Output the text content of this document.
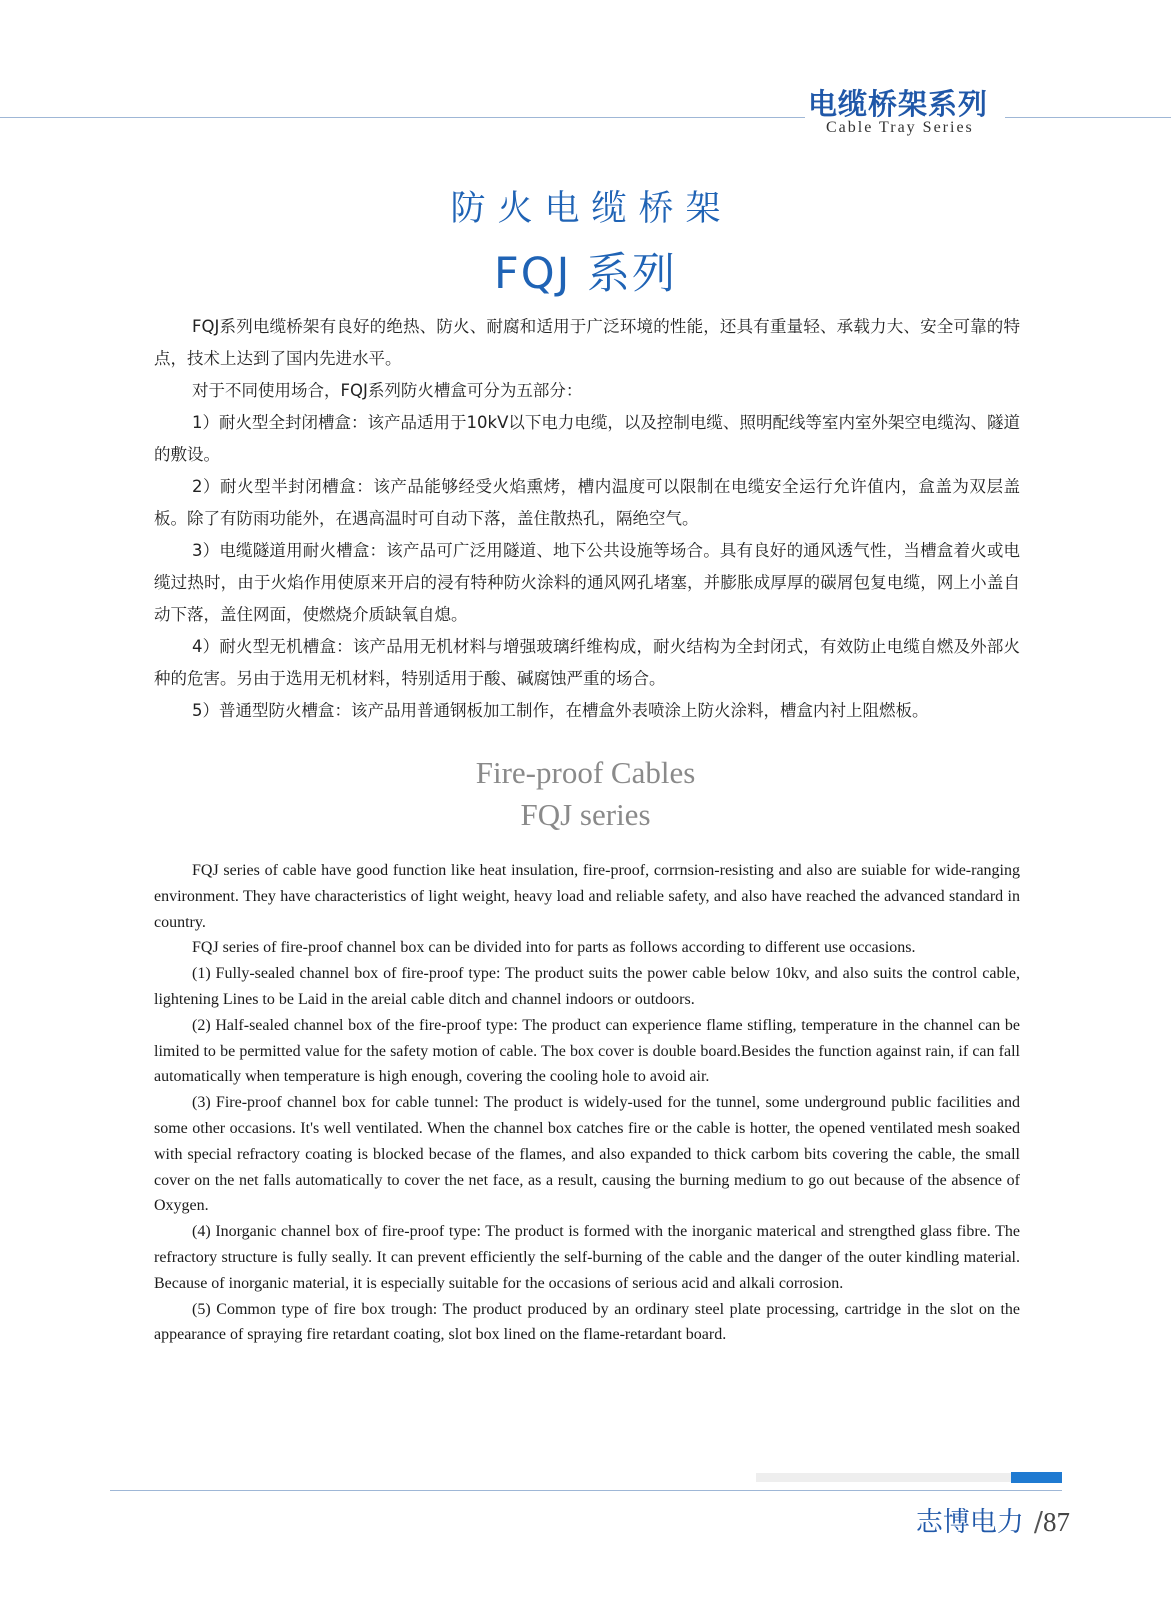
电缆桥架系列
Cable Tray Series
防火电缆桥架
FQJ 系列

FQJ系列电缆桥架有良好的绝热、防火、耐腐和适用于广泛环境的性能，还具有重量轻、承载力大、安全可靠的特点，技术上达到了国内先进水平。

对于不同使用场合，FQJ系列防火槽盒可分为五部分：

1）耐火型全封闭槽盒：该产品适用于10kV以下电力电缆，以及控制电缆、照明配线等室内室外架空电缆沟、隧道的敷设。

2）耐火型半封闭槽盒：该产品能够经受火焰熏烤，槽内温度可以限制在电缆安全运行允许值内，盒盖为双层盖板。除了有防雨功能外，在遇高温时可自动下落，盖住散热孔，隔绝空气。

3）电缆隧道用耐火槽盒：该产品可广泛用隧道、地下公共设施等场合。具有良好的通风透气性，当槽盒着火或电缆过热时，由于火焰作用使原来开启的浸有特种防火涂料的通风网孔堵塞，并膨胀成厚厚的碳屑包复电缆，网上小盖自动下落，盖住网面，使燃烧介质缺氧自熄。

4）耐火型无机槽盒：该产品用无机材料与增强玻璃纤维构成，耐火结构为全封闭式，有效防止电缆自燃及外部火种的危害。另由于选用无机材料，特别适用于酸、碱腐蚀严重的场合。

5）普通型防火槽盒：该产品用普通钢板加工制作，在槽盒外表喷涂上防火涂料，槽盒内衬上阻燃板。

Fire-proof Cables
FQJ series

FQJ series of cable have good function like heat insulation, fire-proof, corrnsion-resisting and also are suiable for wide-ranging environment. They have characteristics of light weight, heavy load and reliable safety, and also have reached the advanced standard in country.

FQJ series of fire-proof channel box can be divided into for parts as follows according to different use occasions.

(1) Fully-sealed channel box of fire-proof type: The product suits the power cable below 10kv, and also suits the control cable, lightening Lines to be Laid in the areial cable ditch and channel indoors or outdoors.

(2) Half-sealed channel box of the fire-proof type: The product can experience flame stifling, temperature in the channel can be limited to be permitted value for the safety motion of cable. The box cover is double board.Besides the function against rain, if can fall automatically when temperature is high enough, covering the cooling hole to avoid air.

(3) Fire-proof channel box for cable tunnel: The product is widely-used for the tunnel, some underground public facilities and some other occasions. It's well ventilated. When the channel box catches fire or the cable is hotter, the opened ventilated mesh soaked with special refractory coating is blocked becase of the flames, and also expanded to thick carbom bits covering the cable, the small cover on the net falls automatically to cover the net face, as a result, causing the burning medium to go out because of the absence of Oxygen.

(4) Inorganic channel box of fire-proof type: The product is formed with the inorganic materical and strengthed glass fibre. The refractory structure is fully seally. It can prevent efficiently the self-burning of the cable and the danger of the outer kindling material. Because of inorganic material, it is especially suitable for the occasions of serious acid and alkali corrosion.

(5) Common type of fire box trough: The product produced by an ordinary steel plate processing, cartridge in the slot on the appearance of spraying fire retardant coating, slot box lined on the flame-retardant board.

志博电力 /87
